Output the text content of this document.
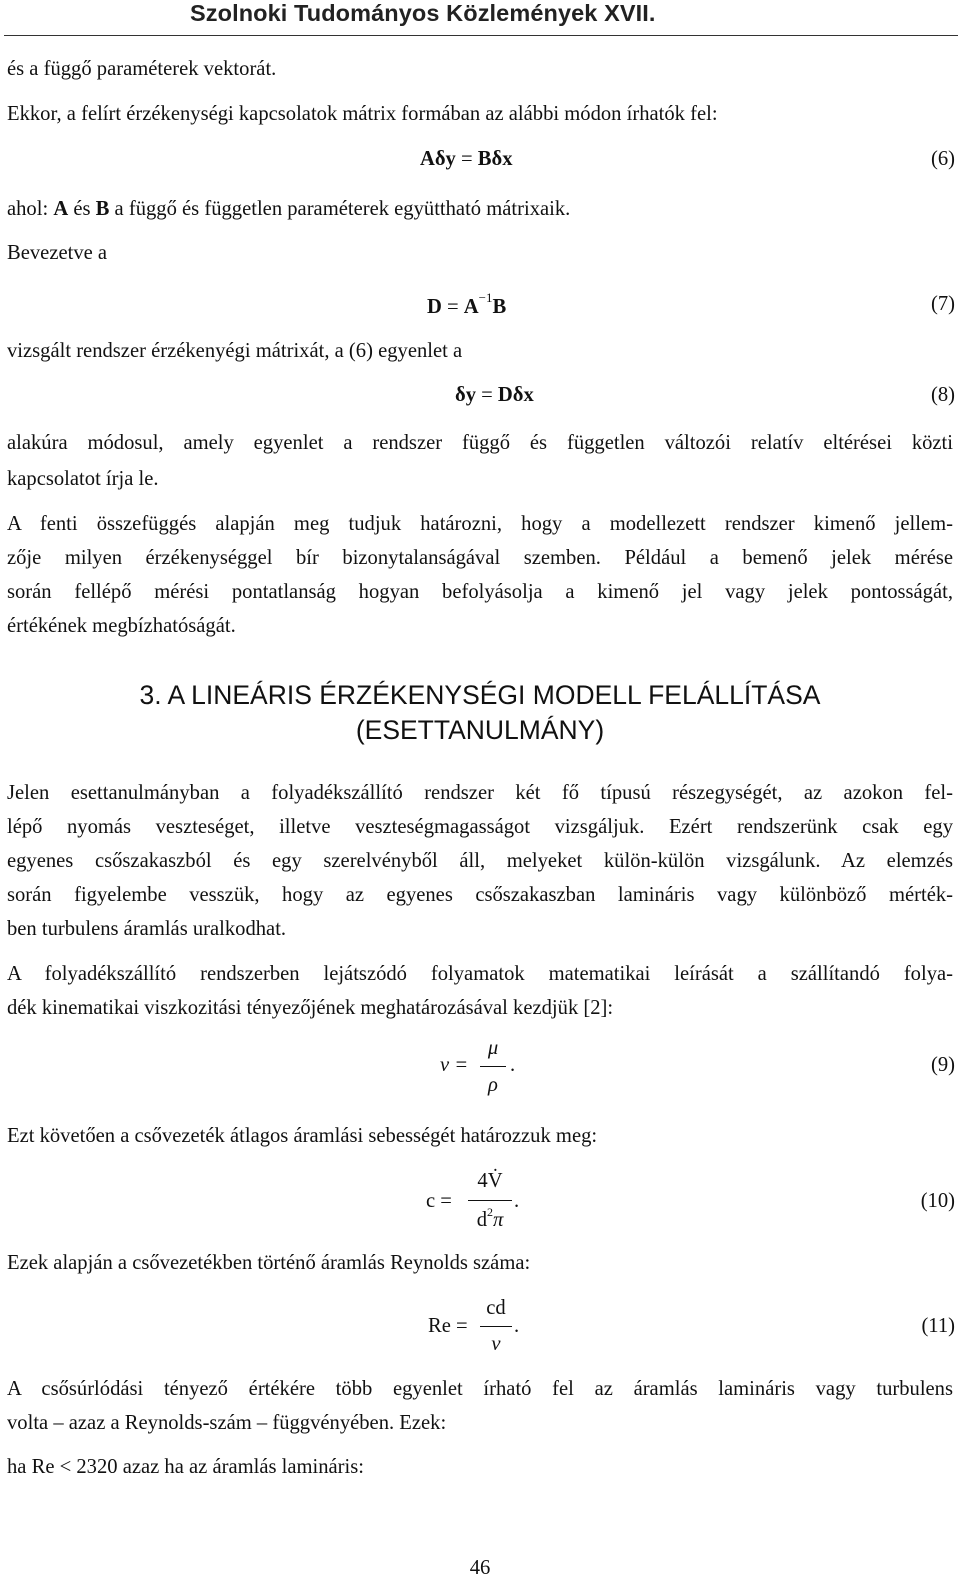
Szolnoki Tudományos Közlemények XVII.
és a függő paraméterek vektorát.
Ekkor, a felírt érzékenységi kapcsolatok mátrix formában az alábbi módon írhatók fel:
Aδy = Bδx	(6)
ahol: A és B a függő és független paraméterek együttható mátrixaik.
Bevezetve a
$D = A^{-1}B$	(7)
vizsgált rendszer érzékenyégi mátrixát, a (6) egyenlet a
δy = Dδx	(8)
alakúra módosul, amely egyenlet a rendszer függő és független változói relatív eltérései közti
kapcsolatot írja le.
A fenti összefüggés alapján meg tudjuk határozni, hogy a modellezett rendszer kimenő jellem-
zője milyen érzékenységgel bír bizonytalanságával szemben. Például a bemenő jelek mérése
során fellépő mérési pontatlanság hogyan befolyásolja a kimenő jel vagy jelek pontosságát,
értékének megbízhatóságát.
3. A LINEÁRIS ÉRZÉKENYSÉGI MODELL FELÁLLÍTÁSA
(ESETTANULMÁNY)
Jelen esettanulmányban a folyadékszállító rendszer két fő típusú részegységét, az azokon fel-
lépő nyomás veszteséget, illetve veszteségmagasságot vizsgáljuk. Ezért rendszerünk csak egy
egyenes csőszakaszból és egy szerelvényből áll, melyeket külön-külön vizsgálunk. Az elemzés
során figyelembe vesszük, hogy az egyenes csőszakaszban lamináris vagy különböző mérték-
ben turbulens áramlás uralkodhat.
A folyadékszállító rendszerben lejátszódó folyamatok matematikai leírását a szállítandó folya-
dék kinematikai viszkozitási tényezőjének meghatározásával kezdjük [2]:
ν =
μ
ρ
.	(9)
Ezt követően a csővezeték átlagos áramlási sebességét határozzuk meg:
c =
4V̇
$d^2\pi$
.	(10)
Ezek alapján a csővezetékben történő áramlás Reynolds száma:
Re =
cd
ν
.	(11)
A csősúrlódási tényező értékére több egyenlet írható fel az áramlás lamináris vagy turbulens
volta – azaz a Reynolds-szám – függvényében. Ezek:
ha Re < 2320 azaz ha az áramlás lamináris:
46
